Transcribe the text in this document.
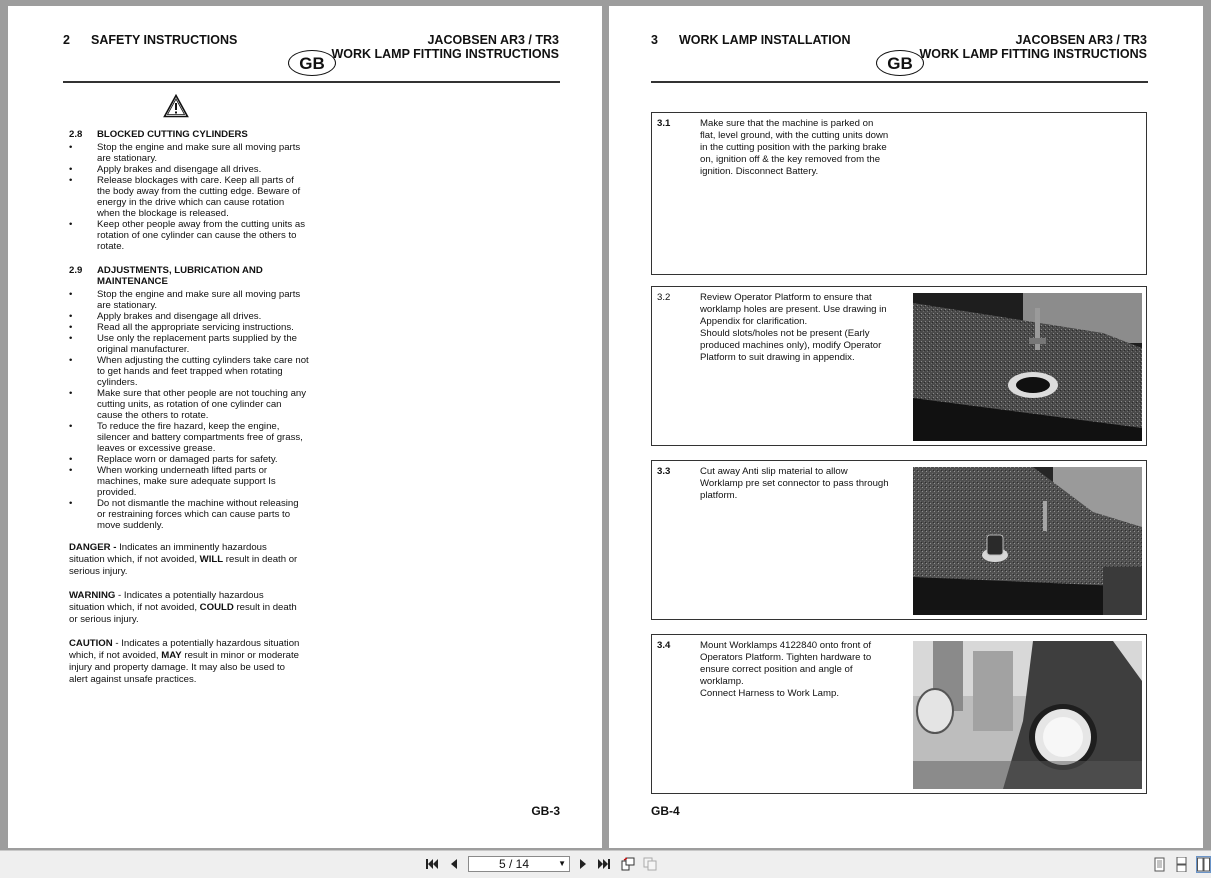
2 SAFETY INSTRUCTIONS	JACOBSEN AR3 / TR3
WORK LAMP FITTING INSTRUCTIONS
GB
2.8 BLOCKED CUTTING CYLINDERS
•	Stop the engine and make sure all moving parts are stationary.
•	Apply brakes and disengage all drives.
•	Release blockages with care. Keep all parts of the body away from the cutting edge. Beware of energy in the drive which can cause rotation when the blockage is released.
•	Keep other people away from the cutting units as rotation of one cylinder can cause the others to rotate.
2.9 ADJUSTMENTS, LUBRICATION AND MAINTENANCE
•	Stop the engine and make sure all moving parts are stationary.
•	Apply brakes and disengage all drives.
•	Read all the appropriate servicing instructions.
•	Use only the replacement parts supplied by the original manufacturer.
•	When adjusting the cutting cylinders take care not to get hands and feet trapped when rotating cylinders.
•	Make sure that other people are not touching any cutting units, as rotation of one cylinder can cause the others to rotate.
•	To reduce the fire hazard, keep the engine, silencer and battery compartments free of grass, leaves or excessive grease.
•	Replace worn or damaged parts for safety.
•	When working underneath lifted parts or machines, make sure adequate support Is provided.
•	Do not dismantle the machine without releasing or restraining forces which can cause parts to move suddenly.

DANGER - Indicates an imminently hazardous situation which, if not avoided, WILL result in death or serious injury.

WARNING - Indicates a potentially hazardous situation which, if not avoided, COULD result in death or serious injury.

CAUTION - Indicates a potentially hazardous situation which, if not avoided, MAY result in minor or moderate injury and property damage. It may also be used to alert against unsafe practices.

GB-3
3 WORK LAMP INSTALLATION	JACOBSEN AR3 / TR3
WORK LAMP FITTING INSTRUCTIONS
GB
3.1	Make sure that the machine is parked on flat, level ground, with the cutting units down in the cutting position with the parking brake on, ignition off & the key removed from the ignition. Disconnect Battery.
3.2	Review Operator Platform to ensure that worklamp holes are present. Use drawing in Appendix for clarification.
Should slots/holes not be present (Early produced machines only), modify Operator Platform to suit drawing in appendix.
3.3	Cut away Anti slip material to allow Worklamp pre set connector to pass through platform.
3.4	Mount Worklamps 4122840 onto front of Operators Platform. Tighten hardware to ensure correct position and angle of worklamp.
Connect Harness to Work Lamp.
GB-4
5 / 14	▼
